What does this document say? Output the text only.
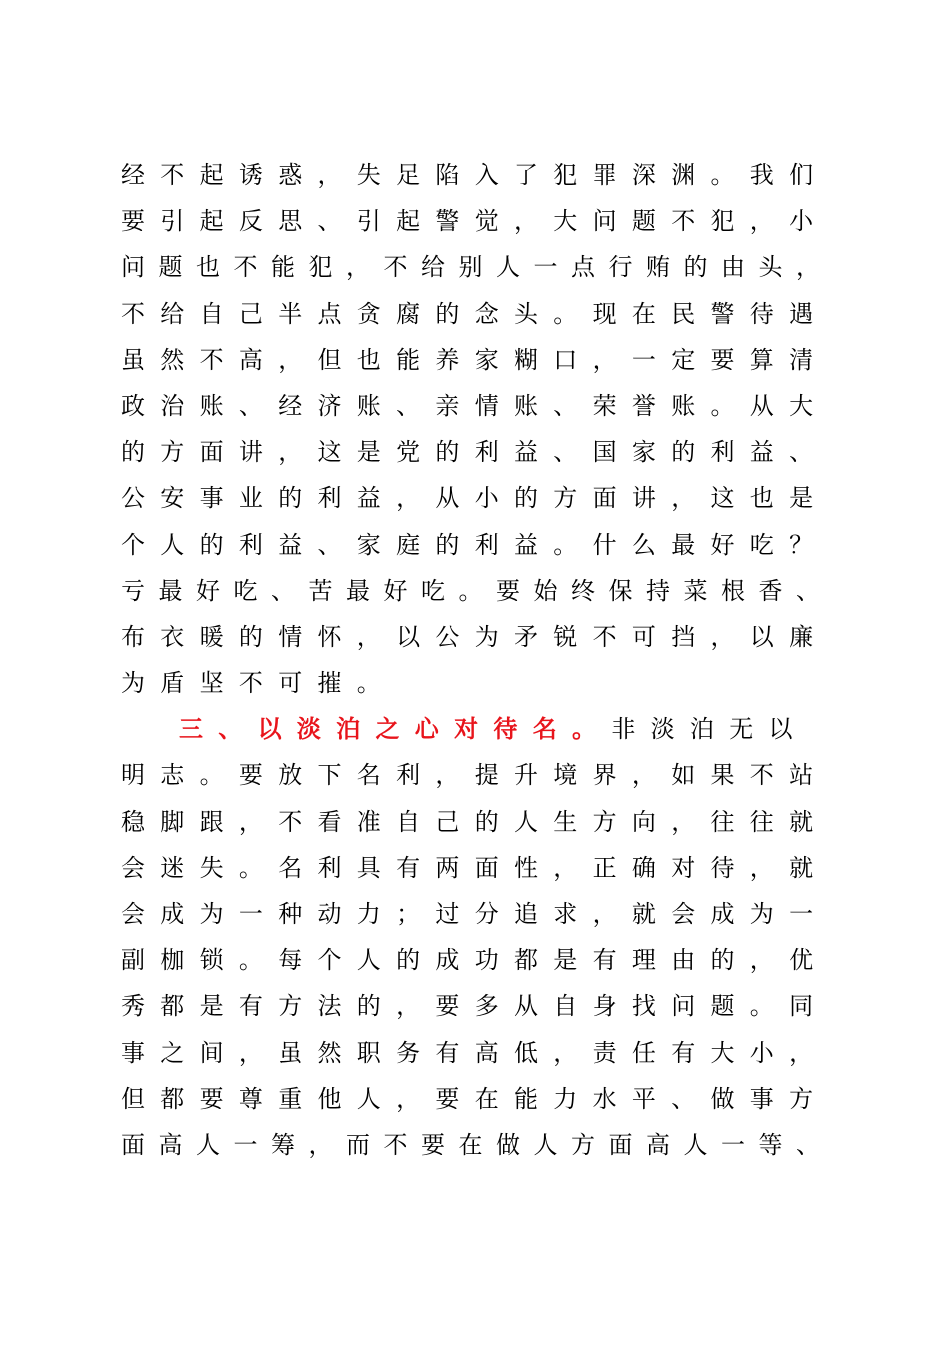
经不起诱惑，失足陷入了犯罪深渊。我们
要引起反思、引起警觉，大问题不犯，小
问题也不能犯，不给别人一点行贿的由头，
不给自己半点贪腐的念头。现在民警待遇
虽然不高，但也能养家糊口，一定要算清
政治账、经济账、亲情账、荣誉账。从大
的方面讲，这是党的利益、国家的利益、
公安事业的利益，从小的方面讲，这也是
个人的利益、家庭的利益。什么最好吃？
亏最好吃、苦最好吃。要始终保持菜根香、
布衣暖的情怀，以公为矛锐不可挡，以廉
为盾坚不可摧。
三、以淡泊之心对待名。非淡泊无以
明志。要放下名利，提升境界，如果不站
稳脚跟，不看准自己的人生方向，往往就
会迷失。名利具有两面性，正确对待，就
会成为一种动力；过分追求，就会成为一
副枷锁。每个人的成功都是有理由的，优
秀都是有方法的，要多从自身找问题。同
事之间，虽然职务有高低，责任有大小，
但都要尊重他人，要在能力水平、做事方
面高人一筹，而不要在做人方面高人一等、
